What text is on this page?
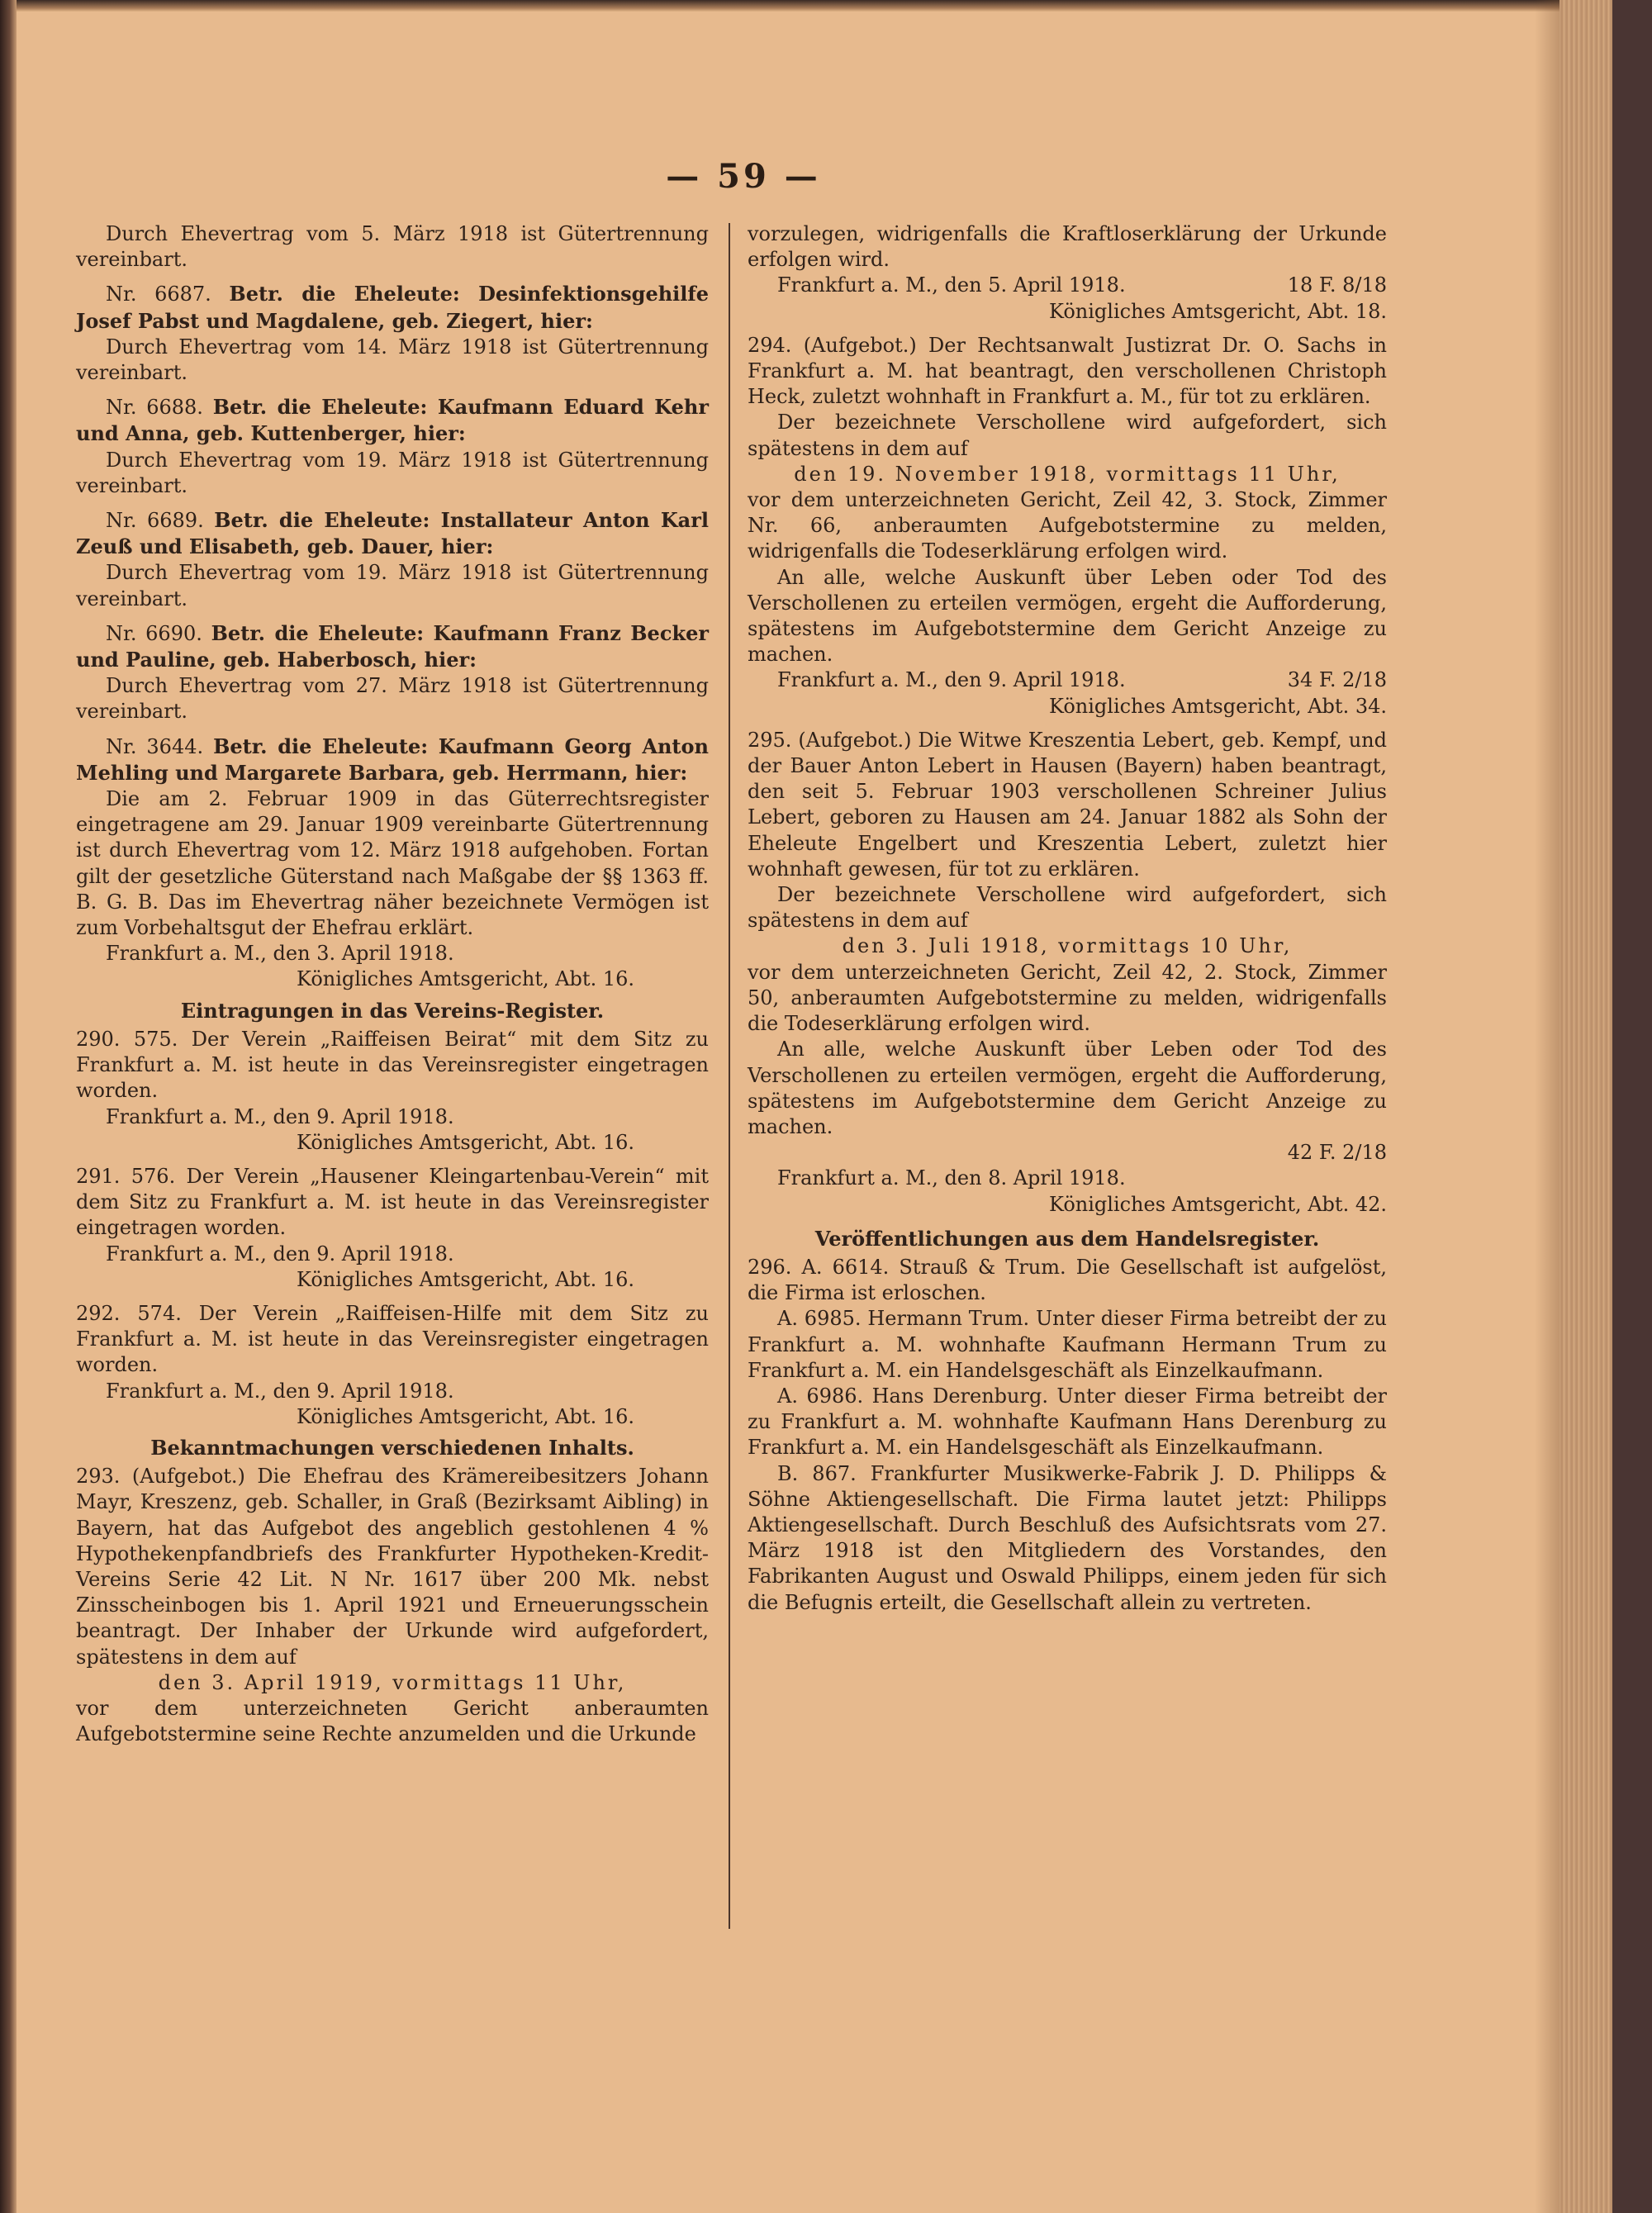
— 59 —

Durch Ehevertrag vom 5. März 1918 ist Gütertrennung vereinbart.

Nr. 6687. Betr. die Eheleute: Desinfektionsgehilfe Josef Pabst und Magdalene, geb. Ziegert, hier:

Durch Ehevertrag vom 14. März 1918 ist Gütertrennung vereinbart.

Nr. 6688. Betr. die Eheleute: Kaufmann Eduard Kehr und Anna, geb. Kuttenberger, hier:

Durch Ehevertrag vom 19. März 1918 ist Gütertrennung vereinbart.

Nr. 6689. Betr. die Eheleute: Installateur Anton Karl Zeuß und Elisabeth, geb. Dauer, hier:

Durch Ehevertrag vom 19. März 1918 ist Gütertrennung vereinbart.

Nr. 6690. Betr. die Eheleute: Kaufmann Franz Becker und Pauline, geb. Haberbosch, hier:

Durch Ehevertrag vom 27. März 1918 ist Gütertrennung vereinbart.

Nr. 3644. Betr. die Eheleute: Kaufmann Georg Anton Mehling und Margarete Barbara, geb. Herrmann, hier:

Die am 2. Februar 1909 in das Güterrechtsregister eingetragene am 29. Januar 1909 vereinbarte Gütertrennung ist durch Ehevertrag vom 12. März 1918 aufgehoben. Fortan gilt der gesetzliche Güterstand nach Maßgabe der §§ 1363 ff. B. G. B. Das im Ehevertrag näher bezeichnete Vermögen ist zum Vorbehaltsgut der Ehefrau erklärt.

Frankfurt a. M., den 3. April 1918.

Königliches Amtsgericht, Abt. 16.

Eintragungen in das Vereins-Register.

290. 575. Der Verein „Raiffeisen Beirat“ mit dem Sitz zu Frankfurt a. M. ist heute in das Vereinsregister eingetragen worden.

Frankfurt a. M., den 9. April 1918.

Königliches Amtsgericht, Abt. 16.

291. 576. Der Verein „Hausener Kleingartenbau-Verein“ mit dem Sitz zu Frankfurt a. M. ist heute in das Vereinsregister eingetragen worden.

Frankfurt a. M., den 9. April 1918.

Königliches Amtsgericht, Abt. 16.

292. 574. Der Verein „Raiffeisen-Hilfe mit dem Sitz zu Frankfurt a. M. ist heute in das Vereinsregister eingetragen worden.

Frankfurt a. M., den 9. April 1918.

Königliches Amtsgericht, Abt. 16.

Bekanntmachungen verschiedenen Inhalts.

293. (Aufgebot.) Die Ehefrau des Krämereibesitzers Johann Mayr, Kreszenz, geb. Schaller, in Graß (Bezirksamt Aibling) in Bayern, hat das Aufgebot des angeblich gestohlenen 4 % Hypothekenpfandbriefs des Frankfurter Hypotheken-Kredit-Vereins Serie 42 Lit. N Nr. 1617 über 200 Mk. nebst Zinsscheinbogen bis 1. April 1921 und Erneuerungsschein beantragt. Der Inhaber der Urkunde wird aufgefordert, spätestens in dem auf

den 3. April 1919, vormittags 11 Uhr,

vor dem unterzeichneten Gericht anberaumten Aufgebotstermine seine Rechte anzumelden und die Urkunde

vorzulegen, widrigenfalls die Kraftloserklärung der Urkunde erfolgen wird.

Frankfurt a. M., den 5. April 1918.	18 F. 8/18

Königliches Amtsgericht, Abt. 18.

294. (Aufgebot.) Der Rechtsanwalt Justizrat Dr. O. Sachs in Frankfurt a. M. hat beantragt, den verschollenen Christoph Heck, zuletzt wohnhaft in Frankfurt a. M., für tot zu erklären.

Der bezeichnete Verschollene wird aufgefordert, sich spätestens in dem auf

den 19. November 1918, vormittags 11 Uhr,

vor dem unterzeichneten Gericht, Zeil 42, 3. Stock, Zimmer Nr. 66, anberaumten Aufgebotstermine zu melden, widrigenfalls die Todeserklärung erfolgen wird.

An alle, welche Auskunft über Leben oder Tod des Verschollenen zu erteilen vermögen, ergeht die Aufforderung, spätestens im Aufgebotstermine dem Gericht Anzeige zu machen.

Frankfurt a. M., den 9. April 1918.	34 F. 2/18

Königliches Amtsgericht, Abt. 34.

295. (Aufgebot.) Die Witwe Kreszentia Lebert, geb. Kempf, und der Bauer Anton Lebert in Hausen (Bayern) haben beantragt, den seit 5. Februar 1903 verschollenen Schreiner Julius Lebert, geboren zu Hausen am 24. Januar 1882 als Sohn der Eheleute Engelbert und Kreszentia Lebert, zuletzt hier wohnhaft gewesen, für tot zu erklären.

Der bezeichnete Verschollene wird aufgefordert, sich spätestens in dem auf

den 3. Juli 1918, vormittags 10 Uhr,

vor dem unterzeichneten Gericht, Zeil 42, 2. Stock, Zimmer 50, anberaumten Aufgebotstermine zu melden, widrigenfalls die Todeserklärung erfolgen wird.

An alle, welche Auskunft über Leben oder Tod des Verschollenen zu erteilen vermögen, ergeht die Aufforderung, spätestens im Aufgebotstermine dem Gericht Anzeige zu machen.

42 F. 2/18

Frankfurt a. M., den 8. April 1918.

Königliches Amtsgericht, Abt. 42.

Veröffentlichungen aus dem Handelsregister.

296. A. 6614. Strauß & Trum. Die Gesellschaft ist aufgelöst, die Firma ist erloschen.

A. 6985. Hermann Trum. Unter dieser Firma betreibt der zu Frankfurt a. M. wohnhafte Kaufmann Hermann Trum zu Frankfurt a. M. ein Handelsgeschäft als Einzelkaufmann.

A. 6986. Hans Derenburg. Unter dieser Firma betreibt der zu Frankfurt a. M. wohnhafte Kaufmann Hans Derenburg zu Frankfurt a. M. ein Handelsgeschäft als Einzelkaufmann.

B. 867. Frankfurter Musikwerke-Fabrik J. D. Philipps & Söhne Aktiengesellschaft. Die Firma lautet jetzt: Philipps Aktiengesellschaft. Durch Beschluß des Aufsichtsrats vom 27. März 1918 ist den Mitgliedern des Vorstandes, den Fabrikanten August und Oswald Philipps, einem jeden für sich die Befugnis erteilt, die Gesellschaft allein zu vertreten.
